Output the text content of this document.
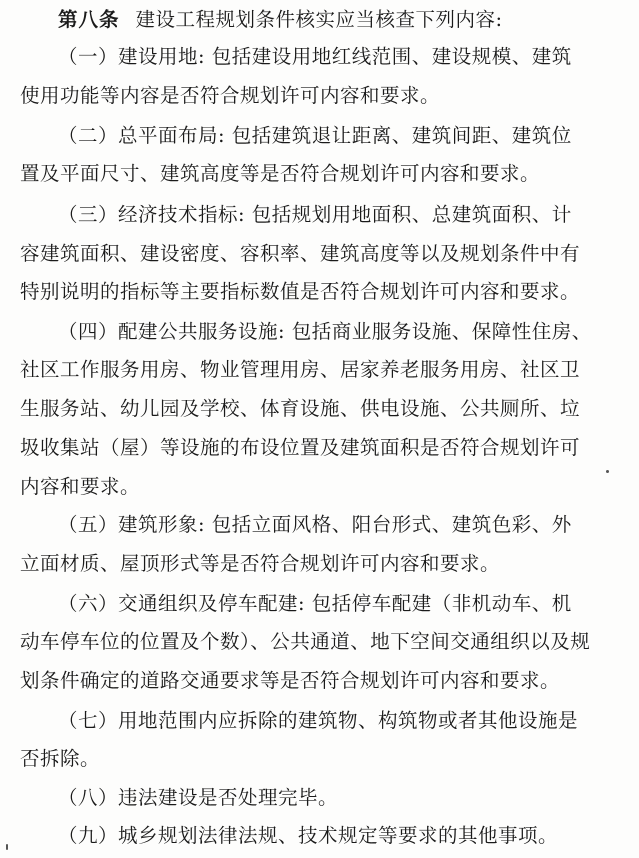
第八条 建设工程规划条件核实应当核查下列内容:
（一）建设用地: 包括建设用地红线范围、建设规模、建筑
使用功能等内容是否符合规划许可内容和要求。
（二）总平面布局: 包括建筑退让距离、建筑间距、建筑位
置及平面尺寸、建筑高度等是否符合规划许可内容和要求。
（三）经济技术指标: 包括规划用地面积、总建筑面积、计
容建筑面积、建设密度、容积率、建筑高度等以及规划条件中有
特别说明的指标等主要指标数值是否符合规划许可内容和要求。
（四）配建公共服务设施: 包括商业服务设施、保障性住房、
社区工作服务用房、物业管理用房、居家养老服务用房、社区卫
生服务站、幼儿园及学校、体育设施、供电设施、公共厕所、垃
圾收集站（屋）等设施的布设位置及建筑面积是否符合规划许可
内容和要求。
（五）建筑形象: 包括立面风格、阳台形式、建筑色彩、外
立面材质、屋顶形式等是否符合规划许可内容和要求。
（六）交通组织及停车配建: 包括停车配建（非机动车、机
动车停车位的位置及个数）、公共通道、地下空间交通组织以及规
划条件确定的道路交通要求等是否符合规划许可内容和要求。
（七）用地范围内应拆除的建筑物、构筑物或者其他设施是
否拆除。
（八）违法建设是否处理完毕。
（九）城乡规划法律法规、技术规定等要求的其他事项。
